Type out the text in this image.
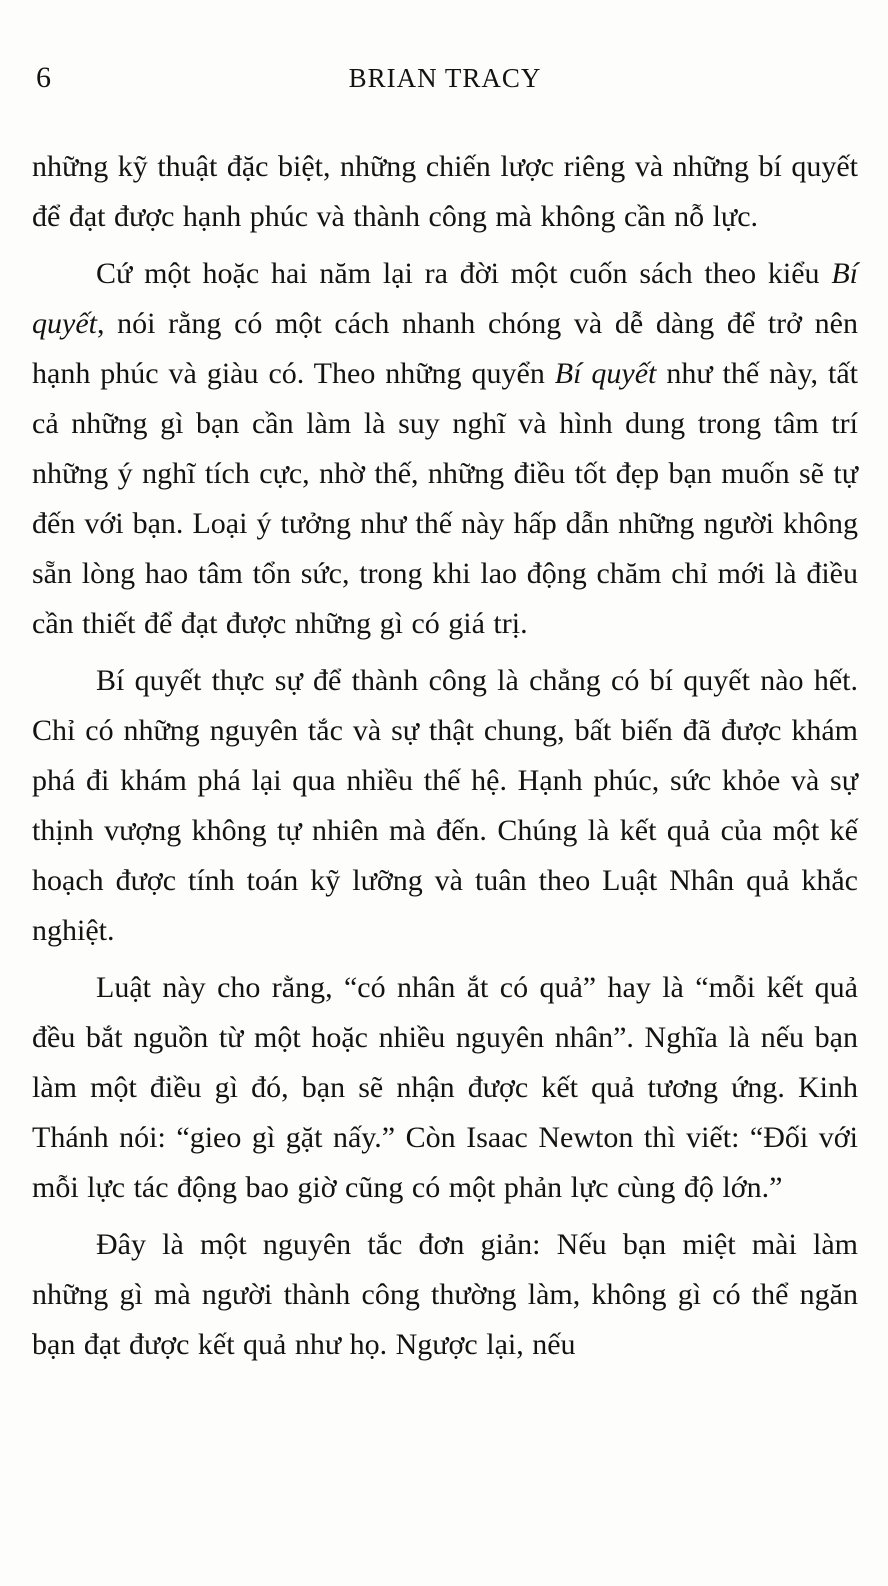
6	BRIAN TRACY

những kỹ thuật đặc biệt, những chiến lược riêng và những bí quyết để đạt được hạnh phúc và thành công mà không cần nỗ lực.

Cứ một hoặc hai năm lại ra đời một cuốn sách theo kiểu Bí quyết, nói rằng có một cách nhanh chóng và dễ dàng để trở nên hạnh phúc và giàu có. Theo những quyển Bí quyết như thế này, tất cả những gì bạn cần làm là suy nghĩ và hình dung trong tâm trí những ý nghĩ tích cực, nhờ thế, những điều tốt đẹp bạn muốn sẽ tự đến với bạn. Loại ý tưởng như thế này hấp dẫn những người không sẵn lòng hao tâm tổn sức, trong khi lao động chăm chỉ mới là điều cần thiết để đạt được những gì có giá trị.

Bí quyết thực sự để thành công là chẳng có bí quyết nào hết. Chỉ có những nguyên tắc và sự thật chung, bất biến đã được khám phá đi khám phá lại qua nhiều thế hệ. Hạnh phúc, sức khỏe và sự thịnh vượng không tự nhiên mà đến. Chúng là kết quả của một kế hoạch được tính toán kỹ lưỡng và tuân theo Luật Nhân quả khắc nghiệt.

Luật này cho rằng, “có nhân ắt có quả” hay là “mỗi kết quả đều bắt nguồn từ một hoặc nhiều nguyên nhân”. Nghĩa là nếu bạn làm một điều gì đó, bạn sẽ nhận được kết quả tương ứng. Kinh Thánh nói: “gieo gì gặt nấy.” Còn Isaac Newton thì viết: “Đối với mỗi lực tác động bao giờ cũng có một phản lực cùng độ lớn.”

Đây là một nguyên tắc đơn giản: Nếu bạn miệt mài làm những gì mà người thành công thường làm, không gì có thể ngăn bạn đạt được kết quả như họ. Ngược lại, nếu
